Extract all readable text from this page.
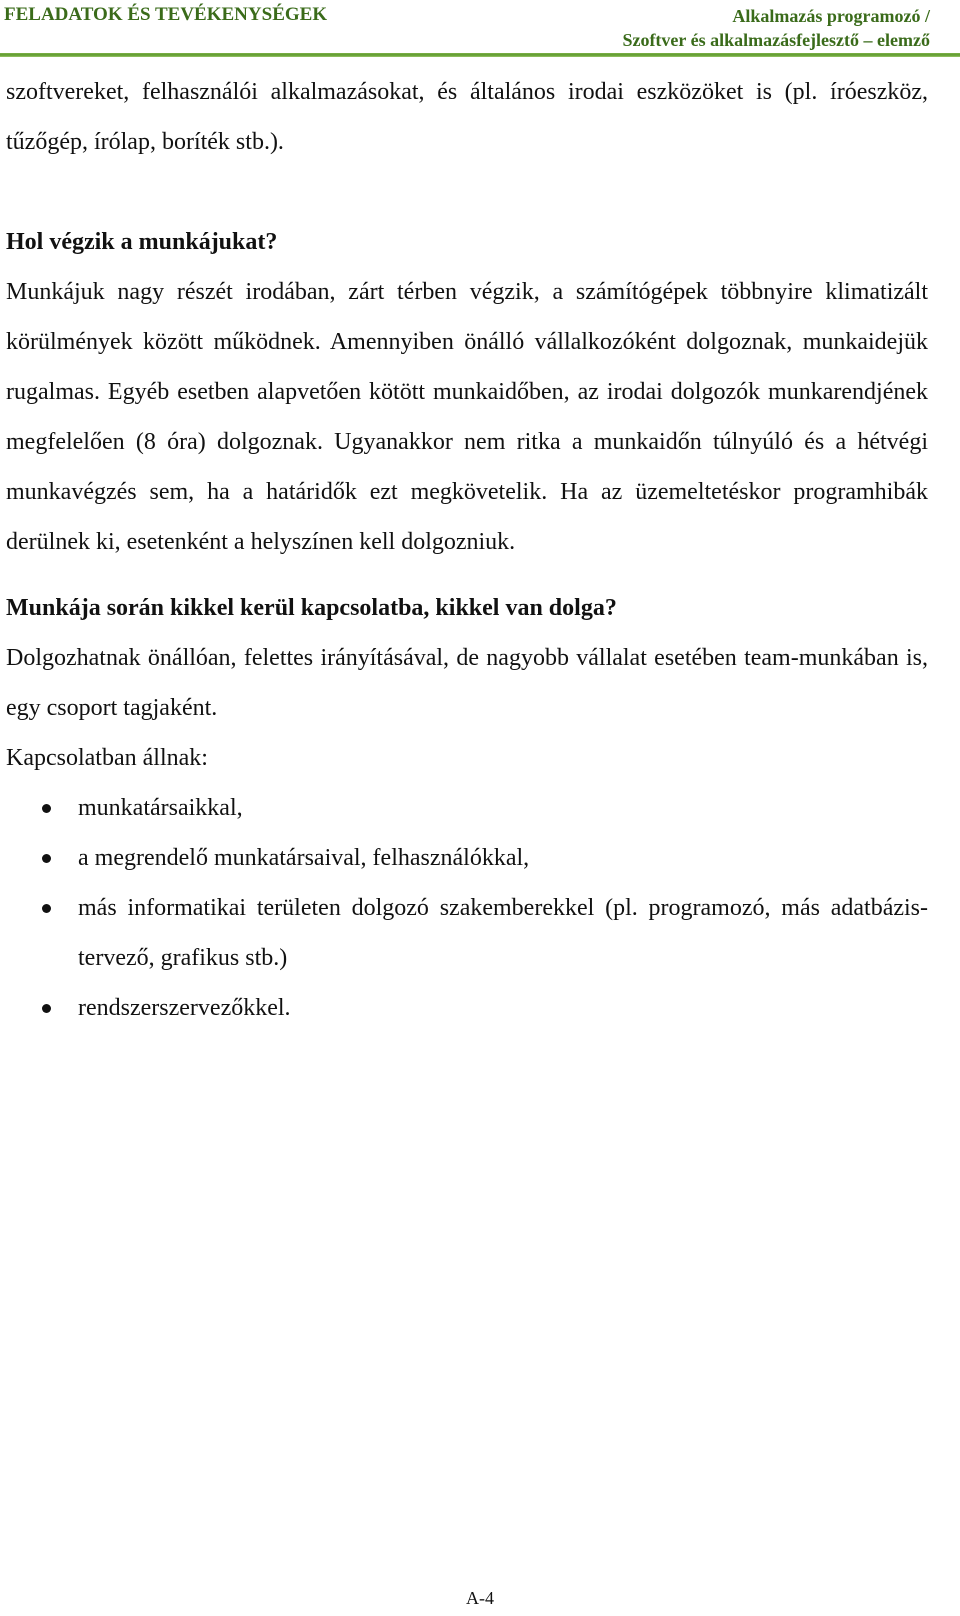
FELADATOK ÉS TEVÉKENYSÉGEK	Alkalmazás programozó /
Szoftver és alkalmazásfejlesztő – elemző

szoftvereket, felhasználói alkalmazásokat, és általános irodai eszközöket is (pl. íróeszköz, tűzőgép, írólap, boríték stb.).

Hol végzik a munkájukat?

Munkájuk nagy részét irodában, zárt térben végzik, a számítógépek többnyire klimatizált körülmények között működnek. Amennyiben önálló vállalkozóként dolgoznak, munkaidejük rugalmas. Egyéb esetben alapvetően kötött munkaidőben, az irodai dolgozók munkarendjének megfelelően (8 óra) dolgoznak. Ugyanakkor nem ritka a munkaidőn túlnyúló és a hétvégi munkavégzés sem, ha a határidők ezt megkövetelik. Ha az üzemeltetéskor programhibák derülnek ki, esetenként a helyszínen kell dolgozniuk.

Munkája során kikkel kerül kapcsolatba, kikkel van dolga?

Dolgozhatnak önállóan, felettes irányításával, de nagyobb vállalat esetében team-munkában is, egy csoport tagjaként.

Kapcsolatban állnak:

munkatársaikkal,
a megrendelő munkatársaival, felhasználókkal,
más informatikai területen dolgozó szakemberekkel (pl. programozó, más adatbázis-tervező, grafikus stb.)
rendszerszervezőkkel.
A-4
